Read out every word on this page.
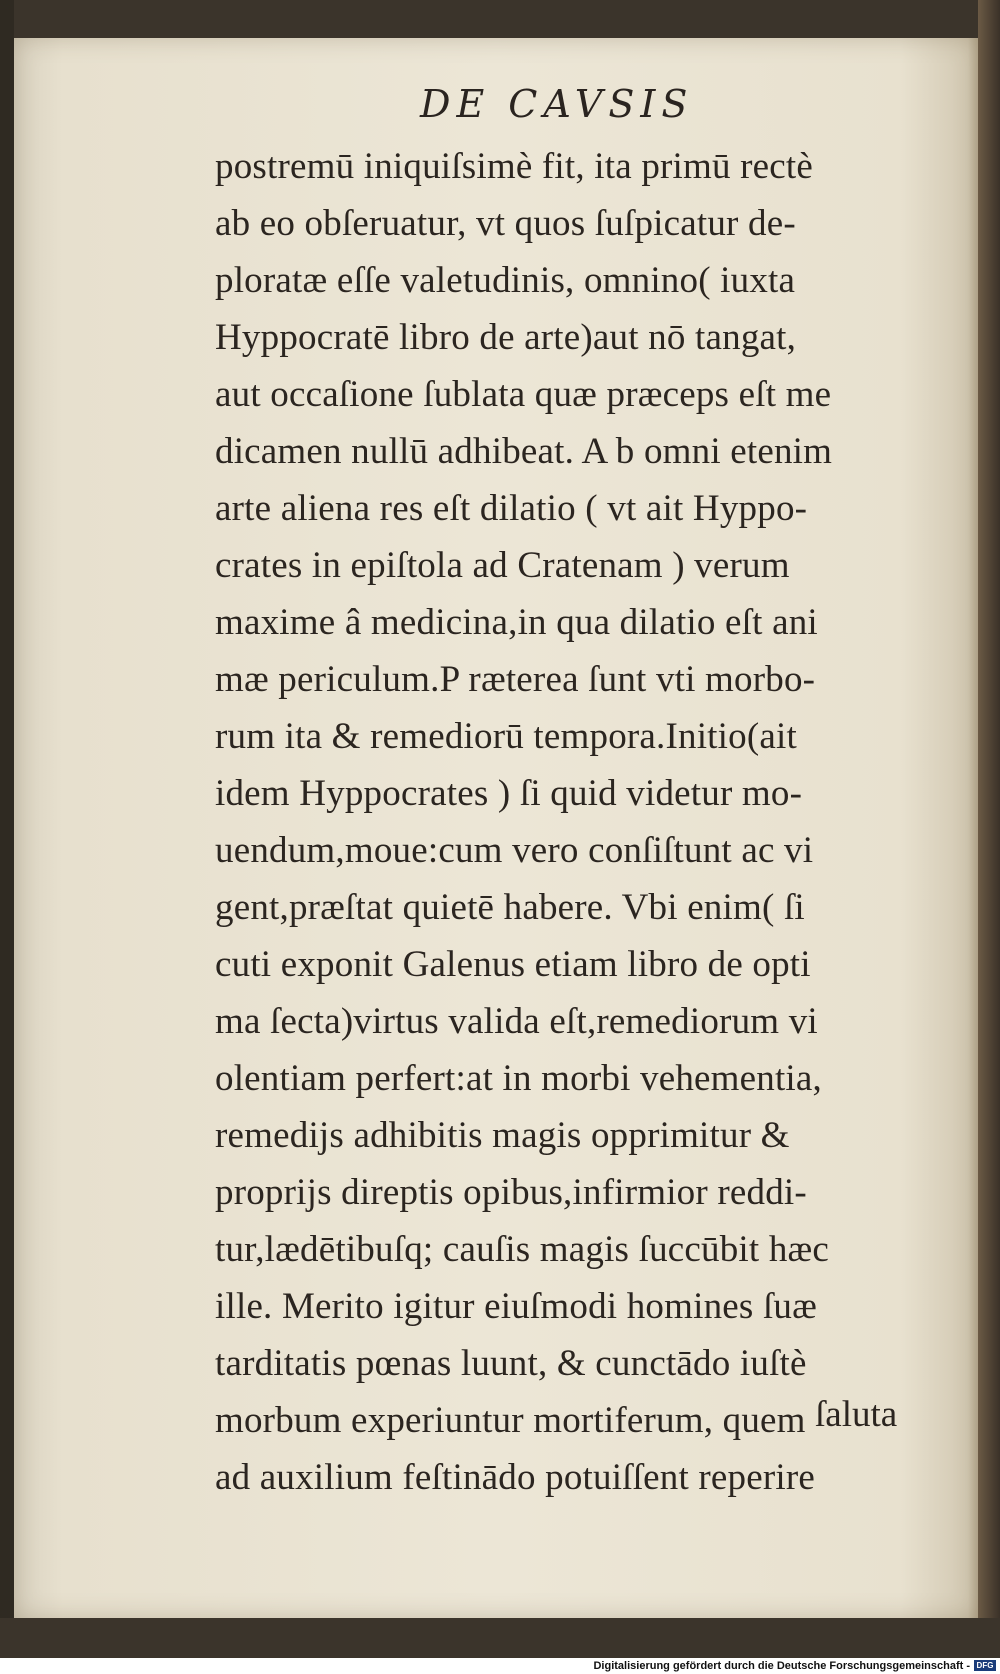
DE CAVSIS
postremū iniquiſsimè fit, ita primū rectè
ab eo obſeruatur, vt quos ſuſpicatur de-
ploratæ eſſe valetudinis, omnino( iuxta
Hyppocratē libro de arte)aut nō tangat,
aut occaſione ſublata quæ præceps eſt me
dicamen nullū adhibeat. A b omni etenim
arte aliena res eſt dilatio ( vt ait Hyppo-
crates in epiſtola ad Cratenam ) verum
maxime â medicina,in qua dilatio eſt ani
mæ periculum.P ræterea ſunt vti morbo-
rum ita & remediorū tempora.Initio(ait
idem Hyppocrates ) ſi quid videtur mo-
uendum,moue:cum vero conſiſtunt ac vi
gent,præſtat quietē habere. Vbi enim( ſi
cuti exponit Galenus etiam libro de opti
ma ſecta)virtus valida eſt,remediorum vi
olentiam perfert:at in morbi vehementia,
remedijs adhibitis magis opprimitur &
proprijs direptis opibus,infirmior reddi-
tur,lædētibuſq; cauſis magis ſuccūbit hæc
ille. Merito igitur eiuſmodi homines ſuæ
tarditatis pœnas luunt, & cunctādo iuſtè
morbum experiuntur mortiferum, quem
ad auxilium feſtinādo potuiſſent reperire
ſaluta
Digitalisierung gefördert durch die Deutsche Forschungsgemeinschaft - DFG
